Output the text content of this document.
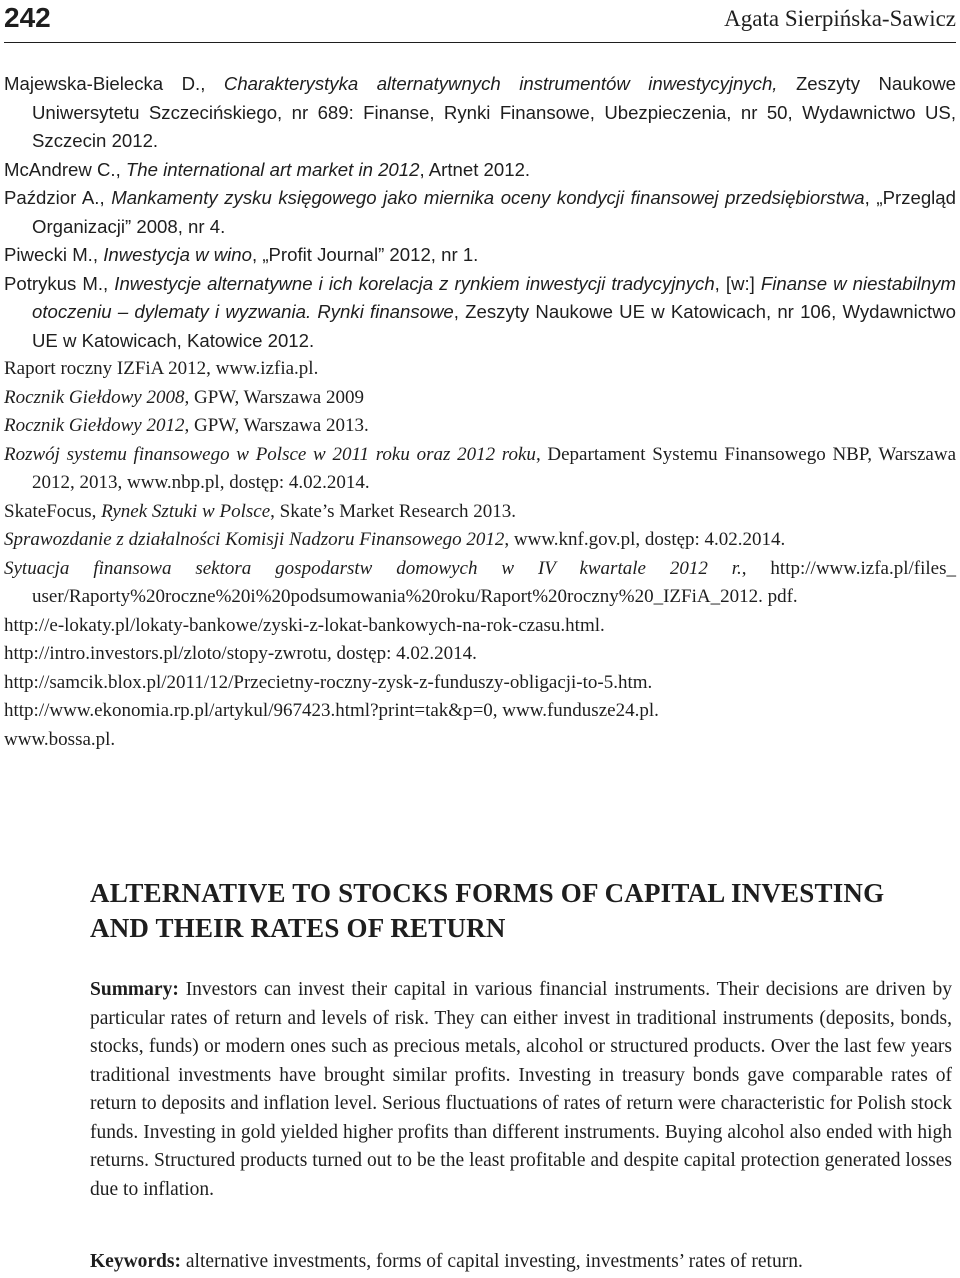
242	Agata Sierpińska-Sawicz
Majewska-Bielecka D., Charakterystyka alternatywnych instrumentów inwestycyjnych, Zeszyty Naukowe Uniwersytetu Szczecińskiego, nr 689: Finanse, Rynki Finansowe, Ubezpieczenia, nr 50, Wydawnictwo US, Szczecin 2012.
McAndrew C., The international art market in 2012, Artnet 2012.
Paździor A., Mankamenty zysku księgowego jako miernika oceny kondycji finansowej przedsiębiorstwa, „Przegląd Organizacji” 2008, nr 4.
Piwecki M., Inwestycja w wino, „Profit Journal” 2012, nr 1.
Potrykus M., Inwestycje alternatywne i ich korelacja z rynkiem inwestycji tradycyjnych, [w:] Finanse w niestabilnym otoczeniu – dylematy i wyzwania. Rynki finansowe, Zeszyty Naukowe UE w Katowicach, nr 106, Wydawnictwo UE w Katowicach, Katowice 2012.
Raport roczny IZFiA 2012, www.izfia.pl.
Rocznik Giełdowy 2008, GPW, Warszawa 2009
Rocznik Giełdowy 2012, GPW, Warszawa 2013.
Rozwój systemu finansowego w Polsce w 2011 roku oraz 2012 roku, Departament Systemu Finansowego NBP, Warszawa 2012, 2013, www.nbp.pl, dostęp: 4.02.2014.
SkateFocus, Rynek Sztuki w Polsce, Skate’s Market Research 2013.
Sprawozdanie z działalności Komisji Nadzoru Finansowego 2012, www.knf.gov.pl, dostęp: 4.02.2014.
Sytuacja finansowa sektora gospodarstw domowych w IV kwartale 2012 r., http://www.izfa.pl/files_ user/Raporty%20roczne%20i%20podsumowania%20roku/Raport%20roczny%20_IZFiA_2012. pdf.
http://e-lokaty.pl/lokaty-bankowe/zyski-z-lokat-bankowych-na-rok-czasu.html.
http://intro.investors.pl/zloto/stopy-zwrotu, dostęp: 4.02.2014.
http://samcik.blox.pl/2011/12/Przecietny-roczny-zysk-z-funduszy-obligacji-to-5.htm.
http://www.ekonomia.rp.pl/artykul/967423.html?print=tak&p=0, www.fundusze24.pl.
www.bossa.pl.
ALTERNATIVE TO STOCKS FORMS OF CAPITAL INVESTING
AND THEIR RATES OF RETURN

Summary: Investors can invest their capital in various financial instruments. Their decisions are driven by particular rates of return and levels of risk. They can either invest in traditional instruments (deposits, bonds, stocks, funds) or modern ones such as precious metals, alcohol or structured products. Over the last few years traditional investments have brought similar profits. Investing in treasury bonds gave comparable rates of return to deposits and inflation level. Serious fluctuations of rates of return were characteristic for Polish stock funds. Investing in gold yielded higher profits than different instruments. Buying alcohol also ended with high returns. Structured products turned out to be the least profitable and despite capital protection generated losses due to inflation.

Keywords: alternative investments, forms of capital investing, investments’ rates of return.
